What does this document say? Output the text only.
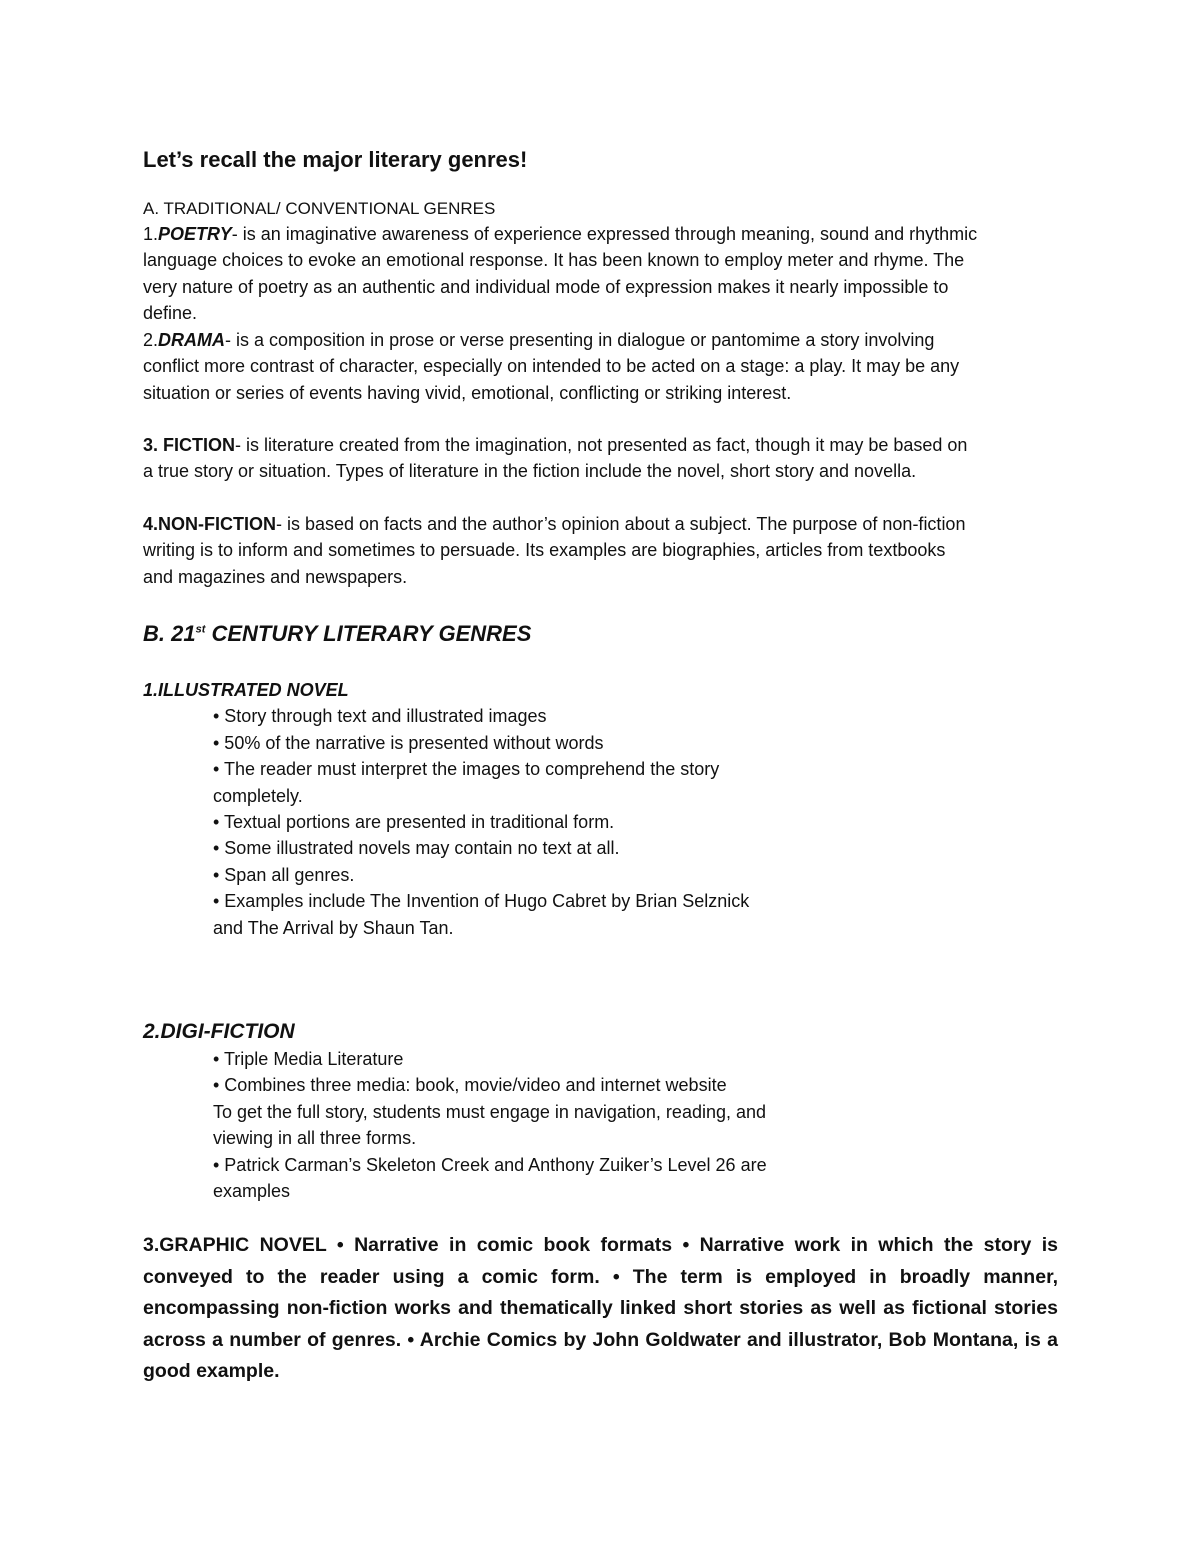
Let’s recall the major literary genres!
A. TRADITIONAL/ CONVENTIONAL GENRES
1.POETRY- is an imaginative awareness of experience expressed through meaning, sound and rhythmic
language choices to evoke an emotional response. It has been known to employ meter and rhyme. The
very nature of poetry as an authentic and individual mode of expression makes it nearly impossible to
define.
2.DRAMA- is a composition in prose or verse presenting in dialogue or pantomime a story involving
conflict more contrast of character, especially on intended to be acted on a stage: a play. It may be any
situation or series of events having vivid, emotional, conflicting or striking interest.
3. FICTION- is literature created from the imagination, not presented as fact, though it may be based on
a true story or situation. Types of literature in the fiction include the novel, short story and novella.
4.NON-FICTION- is based on facts and the author’s opinion about a subject. The purpose of non-fiction
writing is to inform and sometimes to persuade. Its examples are biographies, articles from textbooks
and magazines and newspapers.
B. 21st CENTURY LITERARY GENRES
1.ILLUSTRATED NOVEL
• Story through text and illustrated images
• 50% of the narrative is presented without words
• The reader must interpret the images to comprehend the story
completely.
• Textual portions are presented in traditional form.
• Some illustrated novels may contain no text at all.
• Span all genres.
• Examples include The Invention of Hugo Cabret by Brian Selznick
and The Arrival by Shaun Tan.
2.DIGI-FICTION
• Triple Media Literature
• Combines three media: book, movie/video and internet website
To get the full story, students must engage in navigation, reading, and
viewing in all three forms.
• Patrick Carman’s Skeleton Creek and Anthony Zuiker’s Level 26 are
examples
3.GRAPHIC NOVEL • Narrative in comic book formats • Narrative work in which the story is conveyed to the reader using a comic form. • The term is employed in broadly manner, encompassing non-fiction works and thematically linked short stories as well as fictional stories across a number of genres. • Archie Comics by John Goldwater and illustrator, Bob Montana, is a good example.
